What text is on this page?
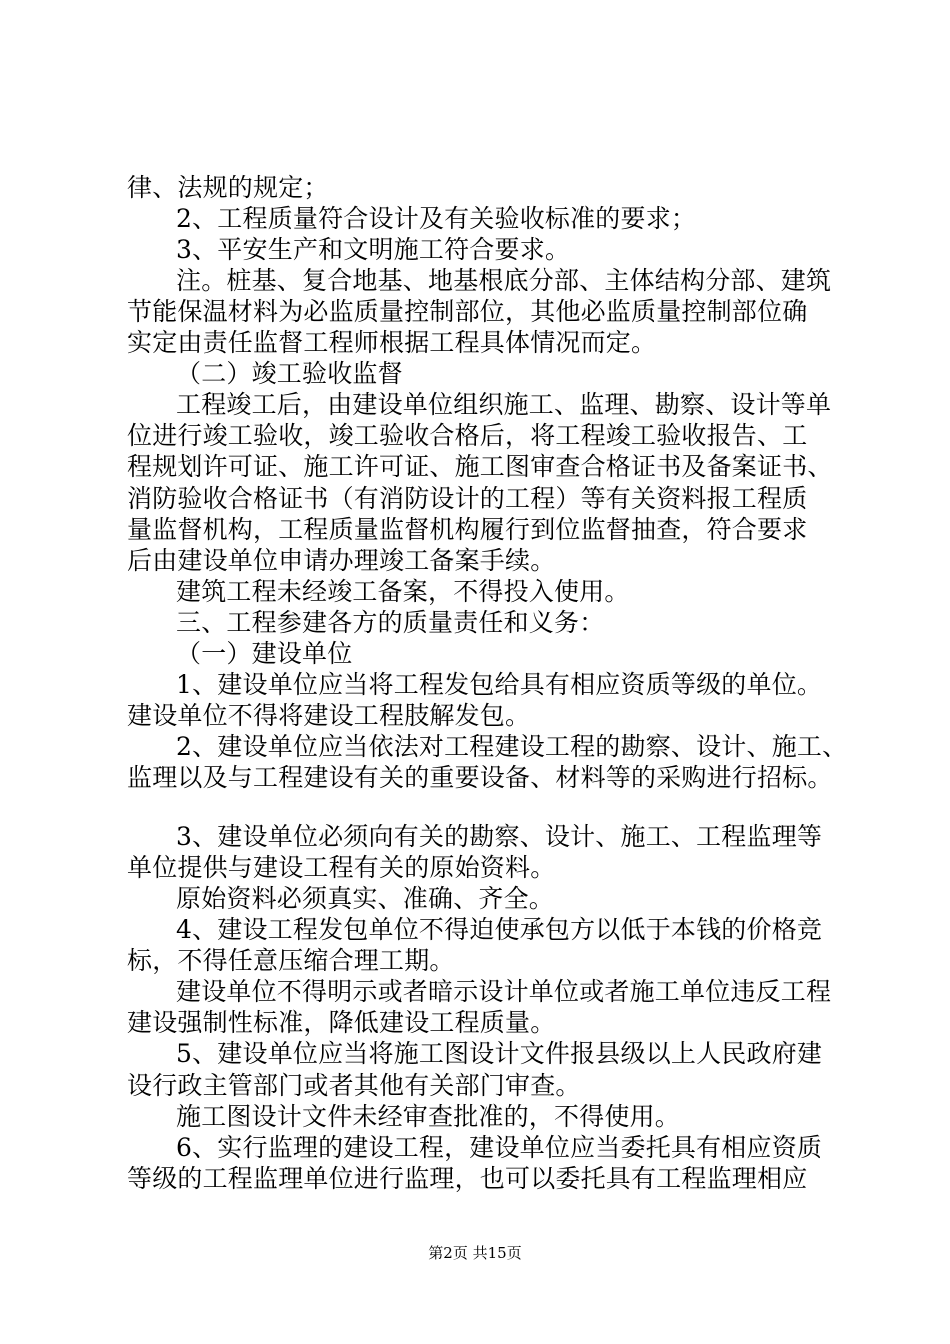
律、法规的规定；
2、工程质量符合设计及有关验收标准的要求；
3、平安生产和文明施工符合要求。
注。桩基、复合地基、地基根底分部、主体结构分部、建筑
节能保温材料为必监质量控制部位，其他必监质量控制部位确
实定由责任监督工程师根据工程具体情况而定。
（二）竣工验收监督
工程竣工后，由建设单位组织施工、监理、勘察、设计等单
位进行竣工验收，竣工验收合格后，将工程竣工验收报告、工
程规划许可证、施工许可证、施工图审查合格证书及备案证书、
消防验收合格证书（有消防设计的工程）等有关资料报工程质
量监督机构，工程质量监督机构履行到位监督抽查，符合要求
后由建设单位申请办理竣工备案手续。
建筑工程未经竣工备案，不得投入使用。
三、工程参建各方的质量责任和义务：
（一）建设单位
1、建设单位应当将工程发包给具有相应资质等级的单位。
建设单位不得将建设工程肢解发包。
2、建设单位应当依法对工程建设工程的勘察、设计、施工、
监理以及与工程建设有关的重要设备、材料等的采购进行招标。
3、建设单位必须向有关的勘察、设计、施工、工程监理等
单位提供与建设工程有关的原始资料。
原始资料必须真实、准确、齐全。
4、建设工程发包单位不得迫使承包方以低于本钱的价格竞
标，不得任意压缩合理工期。
建设单位不得明示或者暗示设计单位或者施工单位违反工程
建设强制性标准，降低建设工程质量。
5、建设单位应当将施工图设计文件报县级以上人民政府建
设行政主管部门或者其他有关部门审查。
施工图设计文件未经审查批准的，不得使用。
6、实行监理的建设工程，建设单位应当委托具有相应资质
等级的工程监理单位进行监理，也可以委托具有工程监理相应
第2页 共15页
